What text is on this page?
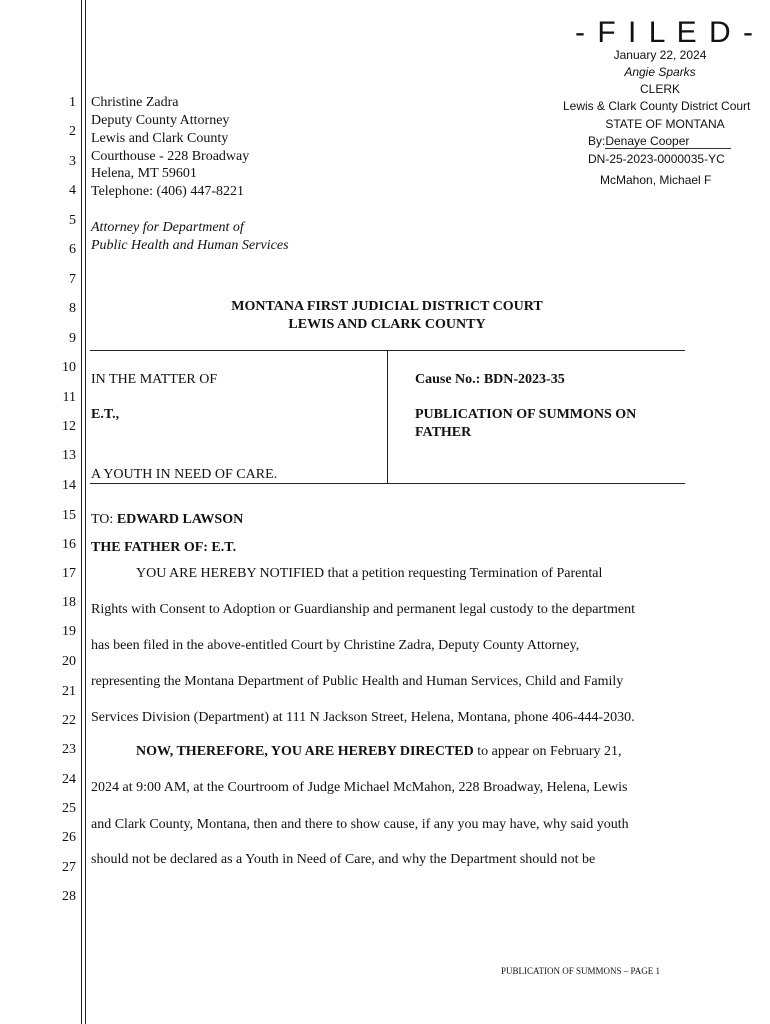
1
2
3
4
5
6
7
8
9
10
11
12
13
14
15
16
17
18
19
20
21
22
23
24
25
26
27
28
- F I L E D -
January 22, 2024
Angie Sparks
CLERK
Lewis & Clark County District Court
STATE OF MONTANA
By:Denaye Cooper
DN-25-2023-0000035-YC
McMahon, Michael F
Christine Zadra
Deputy County Attorney
Lewis and Clark County
Courthouse - 228 Broadway
Helena, MT 59601
Telephone: (406) 447-8221
Attorney for Department of
Public Health and Human Services
MONTANA FIRST JUDICIAL DISTRICT COURT
LEWIS AND CLARK COUNTY
IN THE MATTER OF
E.T.,
A YOUTH IN NEED OF CARE.
Cause No.: BDN-2023-35
PUBLICATION OF SUMMONS ON
FATHER
TO: EDWARD LAWSON
THE FATHER OF: E.T.
YOU ARE HEREBY NOTIFIED that a petition requesting Termination of Parental
Rights with Consent to Adoption or Guardianship and permanent legal custody to the department
has been filed in the above-entitled Court by Christine Zadra, Deputy County Attorney,
representing the Montana Department of Public Health and Human Services, Child and Family
Services Division (Department) at 111 N Jackson Street, Helena, Montana, phone 406-444-2030.
NOW, THEREFORE, YOU ARE HEREBY DIRECTED to appear on February 21,
2024 at 9:00 AM, at the Courtroom of Judge Michael McMahon, 228 Broadway, Helena, Lewis
and Clark County, Montana, then and there to show cause, if any you may have, why said youth
should not be declared as a Youth in Need of Care, and why the Department should not be
PUBLICATION OF SUMMONS – PAGE 1
